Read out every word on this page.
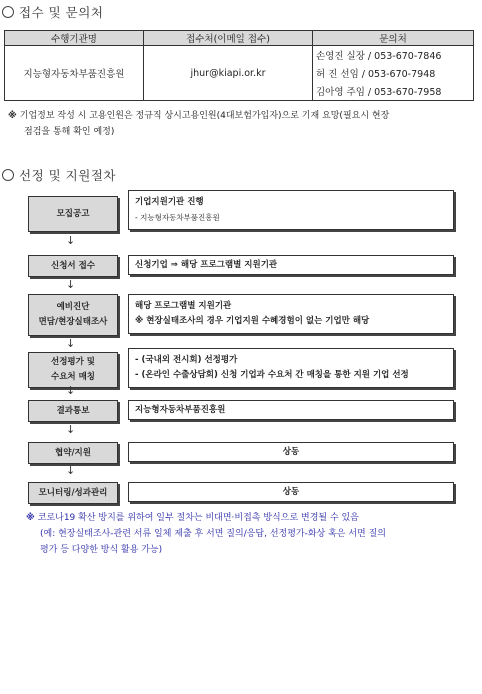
접수 및 문의처
수행기관명	접수처(이메일 접수)	문의처
지능형자동차부품진흥원	jhur@kiapi.or.kr	손영진 실장 / 053-670-7846
		허 진 선임 / 053-670-7948
		김아영 주임 / 053-670-7958
※ 기업정보 작성 시 고용인원은 정규직 상시고용인원(4대보험가입자)으로 기재 요망(필요시 현장
점검을 통해 확인 예정)
선정 및 지원절차
모집공고
기업지원기관 진행
- 지능형자동차부품진흥원
↓
신청서 접수	신청기업 ⇒ 해당 프로그램별 지원기관
↓
예비진단
면담/현장실태조사
해당 프로그램별 지원기관
※ 현장실태조사의 경우 기업지원 수혜경험이 없는 기업만 해당
↓
선정평가 및
수요처 매칭
- (국내외 전시회) 선정평가
- (온라인 수출상담회) 신청 기업과 수요처 간 매칭을 통한 지원 기업 선정
↓
결과통보	지능형자동차부품진흥원
↓
협약/지원	상동
↓
모니터링/성과관리	상동
※ 코로나19 확산 방지를 위하여 일부 절차는 비대면·비접촉 방식으로 변경될 수 있음
(예: 현장실태조사-관련 서류 일체 제출 후 서면 질의/응답, 선정평가-화상 혹은 서면 질의
평가 등 다양한 방식 활용 가능)
